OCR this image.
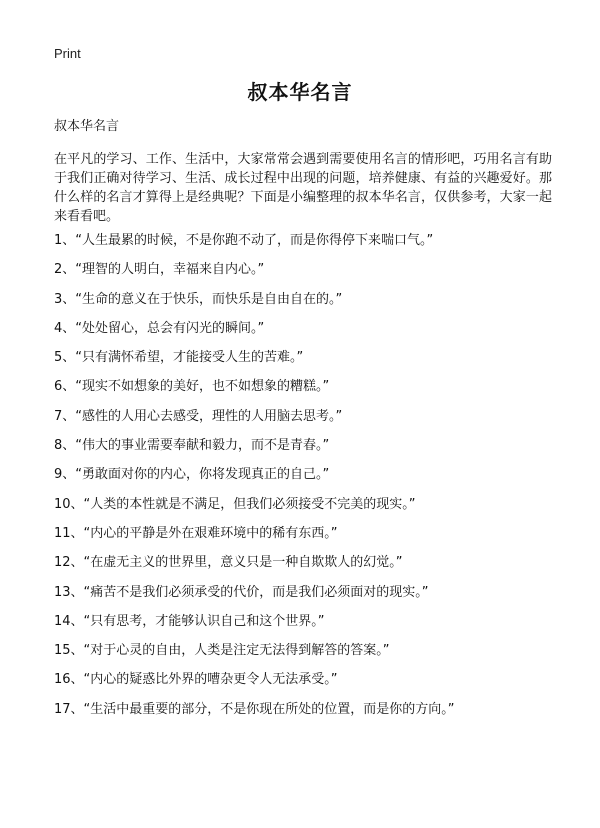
Print
叔本华名言
叔本华名言

在平凡的学习、工作、生活中，大家常常会遇到需要使用名言的情形吧，巧用名言有助于我们正确对待学习、生活、成长过程中出现的问题，培养健康、有益的兴趣爱好。那什么样的名言才算得上是经典呢？下面是小编整理的叔本华名言，仅供参考，大家一起来看看吧。

1、“人生最累的时候，不是你跑不动了，而是你得停下来喘口气。”
2、“理智的人明白，幸福来自内心。”
3、“生命的意义在于快乐，而快乐是自由自在的。”
4、“处处留心，总会有闪光的瞬间。”
5、“只有满怀希望，才能接受人生的苦难。”
6、“现实不如想象的美好，也不如想象的糟糕。”
7、“感性的人用心去感受，理性的人用脑去思考。”
8、“伟大的事业需要奉献和毅力，而不是青春。”
9、“勇敢面对你的内心，你将发现真正的自己。”
10、“人类的本性就是不满足，但我们必须接受不完美的现实。”
11、“内心的平静是外在艰难环境中的稀有东西。”
12、“在虚无主义的世界里，意义只是一种自欺欺人的幻觉。”
13、“痛苦不是我们必须承受的代价，而是我们必须面对的现实。”
14、“只有思考，才能够认识自己和这个世界。”
15、“对于心灵的自由，人类是注定无法得到解答的答案。”
16、“内心的疑惑比外界的嘈杂更令人无法承受。”
17、“生活中最重要的部分，不是你现在所处的位置，而是你的方向。”
